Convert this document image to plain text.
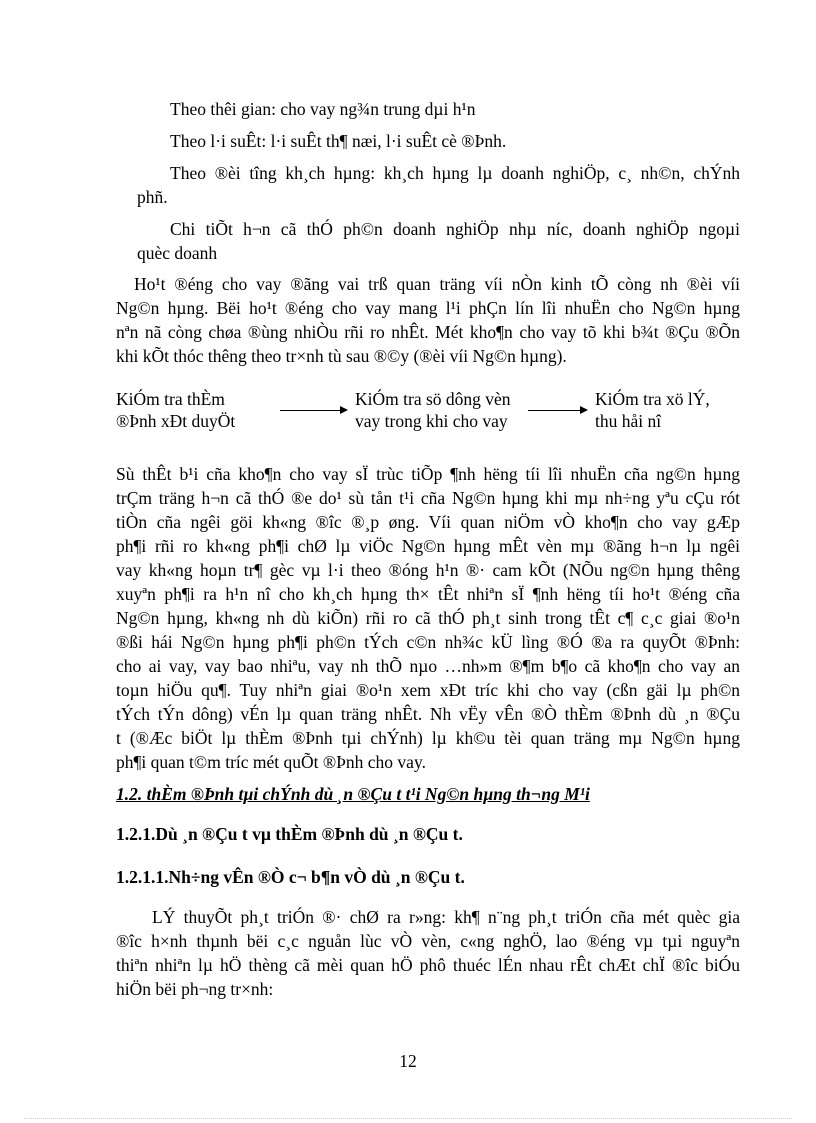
Theo thêi gian: cho vay ng¾n trung dµi h¹n
Theo l·i suÊt: l·i suÊt th¶ næi, l·i suÊt cè ®Þnh.
Theo ®èi tîng kh¸ch hµng: kh¸ch hµng lµ doanh nghiÖp, c¸ nh©n, chÝnh
phñ.
Chi tiÕt h¬n cã thÓ ph©n doanh nghiÖp nhµ níc, doanh nghiÖp ngoµi
quèc doanh
Ho¹t ®éng cho vay ®ãng vai trß quan träng víi nÒn kinh tÕ còng nh ®èi víi
Ng©n hµng. Bëi ho¹t ®éng cho vay mang l¹i phÇn lín lîi nhuËn cho Ng©n hµng
nªn nã còng chøa ®ùng nhiÒu rñi ro nhÊt. Mét kho¶n cho vay tõ khi b¾t ®Çu ®Õn
khi kÕt thóc thêng theo tr×nh tù sau ®©y (®èi víi Ng©n hµng).
KiÓm tra thÈm
®Þnh xÐt duyÖt
KiÓm tra sö dông vèn
vay trong khi cho vay
KiÓm tra xö lÝ,
thu håi nî
Sù thÊt b¹i cña kho¶n cho vay sÏ trùc tiÕp ¶nh hëng tíi lîi nhuËn cña ng©n hµng
trÇm träng h¬n cã thÓ ®e do¹ sù tån t¹i cña Ng©n hµng khi mµ nh÷ng yªu cÇu rót
tiÒn cña ngêi göi kh«ng ®îc ®¸p øng. Víi quan niÖm vÒ kho¶n cho vay gÆp
ph¶i rñi ro kh«ng ph¶i chØ lµ viÖc Ng©n hµng mÊt vèn mµ ®ãng h¬n lµ ngêi
vay kh«ng hoµn tr¶ gèc vµ l·i theo ®óng h¹n ®· cam kÕt (NÕu ng©n hµng thêng
xuyªn ph¶i ra h¹n nî cho kh¸ch hµng th× tÊt nhiªn sÏ ¶nh hëng tíi ho¹t ®éng cña
Ng©n hµng, kh«ng nh dù kiÕn) rñi ro cã thÓ ph¸t sinh trong tÊt c¶ c¸c giai ®o¹n
®ßi hái Ng©n hµng ph¶i ph©n tÝch c©n nh¾c kÜ lìng ®Ó ®a ra quyÕt ®Þnh:
cho ai vay, vay bao nhiªu, vay nh thÕ nµo …nh»m ®¶m b¶o cã kho¶n cho vay an
toµn hiÖu qu¶. Tuy nhiªn giai ®o¹n xem xÐt tríc khi cho vay (cßn gäi lµ ph©n
tÝch tÝn dông) vÉn lµ quan träng nhÊt. Nh vËy vÊn ®Ò thÈm ®Þnh dù ¸n ®Çu
t (®Æc biÖt lµ thÈm ®Þnh tµi chÝnh) lµ kh©u tèi quan träng mµ Ng©n hµng
ph¶i quan t©m tríc mét quÕt ®Þnh cho vay.
1.2. thÈm ®Þnh tµi chÝnh dù ¸n ®Çu t t¹i Ng©n hµng th¬ng M¹i
1.2.1.Dù ¸n ®Çu t vµ thÈm ®Þnh dù ¸n ®Çu t.
1.2.1.1.Nh÷ng vÊn ®Ò c¬ b¶n vÒ dù ¸n ®Çu t.
LÝ thuyÕt ph¸t triÓn ®· chØ ra r»ng: kh¶ n¨ng ph¸t triÓn cña mét quèc gia
®îc h×nh thµnh bëi c¸c nguån lùc vÒ vèn, c«ng nghÖ, lao ®éng vµ tµi nguyªn
thiªn nhiªn lµ hÖ thèng cã mèi quan hÖ phô thuéc lÉn nhau rÊt chÆt chÏ ®îc biÓu
hiÖn bëi ph¬ng tr×nh:
12
